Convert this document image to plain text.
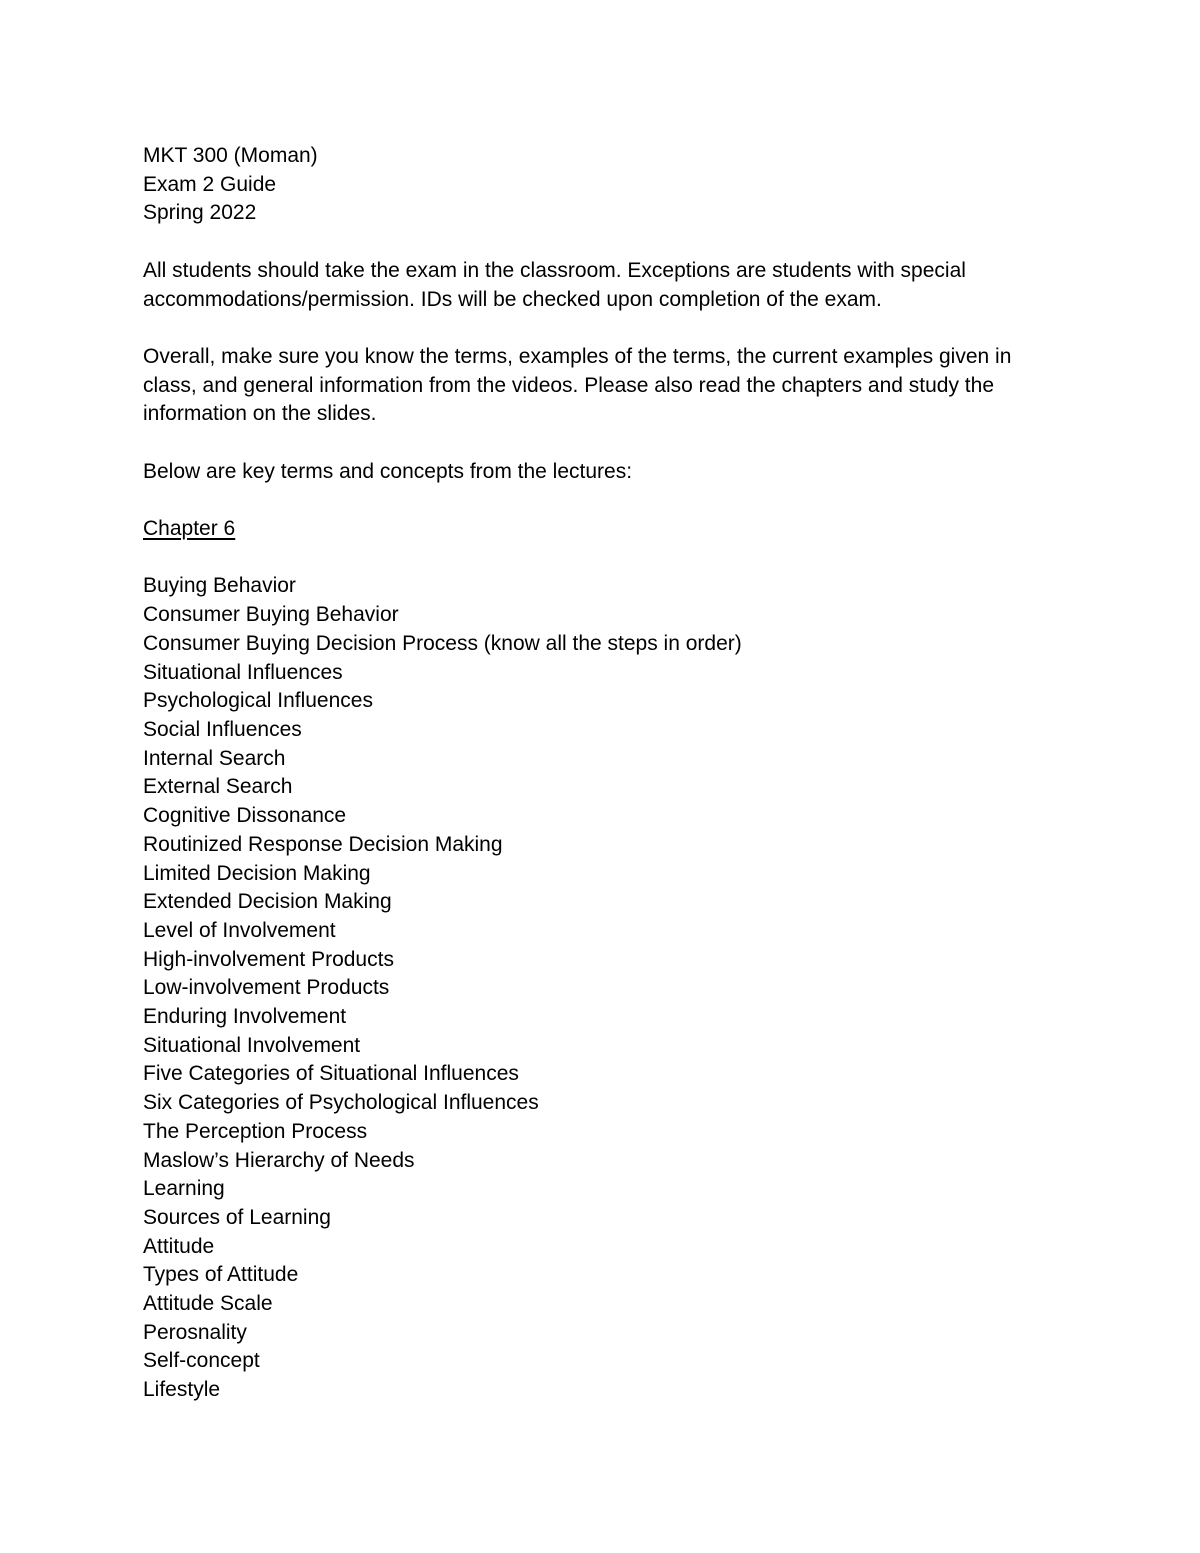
MKT 300 (Moman)
Exam 2 Guide
Spring 2022

All students should take the exam in the classroom. Exceptions are students with special accommodations/permission. IDs will be checked upon completion of the exam.

Overall, make sure you know the terms, examples of the terms, the current examples given in class, and general information from the videos. Please also read the chapters and study the information on the slides.

Below are key terms and concepts from the lectures:
Chapter 6
Buying Behavior
Consumer Buying Behavior
Consumer Buying Decision Process (know all the steps in order)
Situational Influences
Psychological Influences
Social Influences
Internal Search
External Search
Cognitive Dissonance
Routinized Response Decision Making
Limited Decision Making
Extended Decision Making
Level of Involvement
High-involvement Products
Low-involvement Products
Enduring Involvement
Situational Involvement
Five Categories of Situational Influences
Six Categories of Psychological Influences
The Perception Process
Maslow’s Hierarchy of Needs
Learning
Sources of Learning
Attitude
Types of Attitude
Attitude Scale
Perosnality
Self-concept
Lifestyle
